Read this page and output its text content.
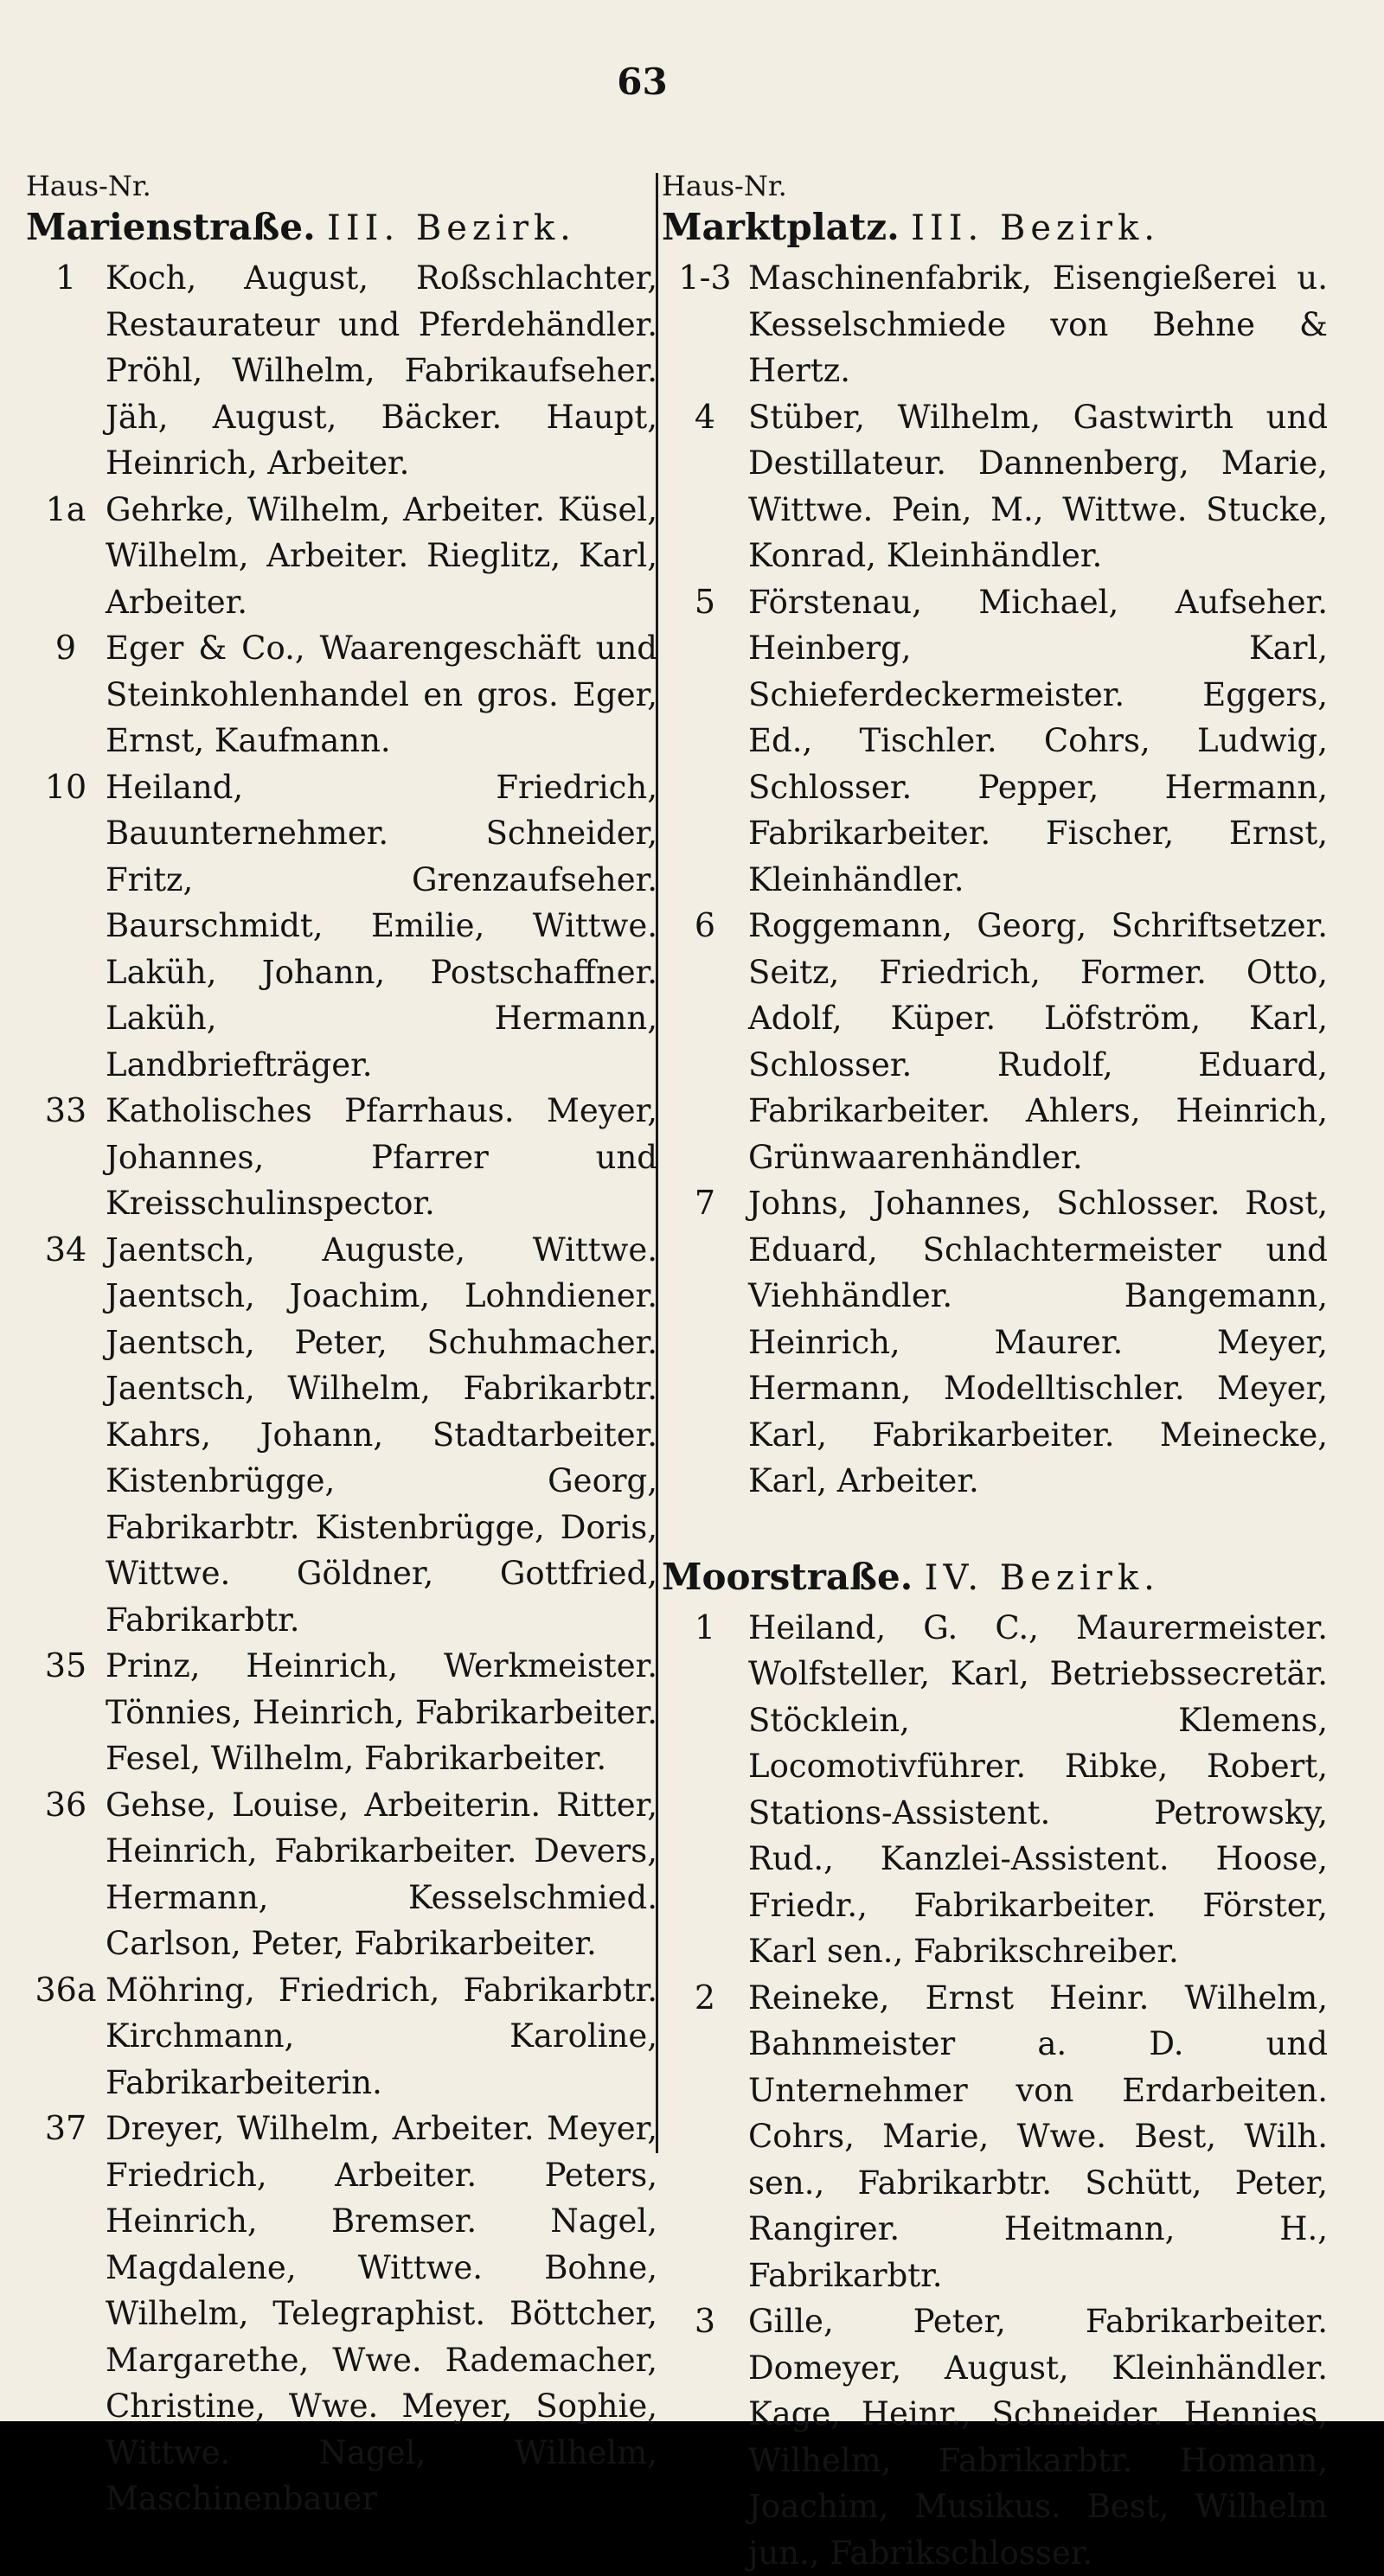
63
Haus-Nr.
Marienstraße. III. Bezirk.
1 Koch, August, Roßschlachter, Restaurateur und Pferdehändler. Pröhl, Wilhelm, Fabrikaufseher. Jäh, August, Bäcker. Haupt, Heinrich, Arbeiter.
1a Gehrke, Wilhelm, Arbeiter. Küsel, Wilhelm, Arbeiter. Rieglitz, Karl, Arbeiter.
9 Eger & Co., Waarengeschäft und Steinkohlenhandel en gros. Eger, Ernst, Kaufmann.
10 Heiland, Friedrich, Bauunternehmer. Schneider, Fritz, Grenzaufseher. Baurschmidt, Emilie, Wittwe. Laküh, Johann, Postschaffner. Laküh, Hermann, Landbriefträger.
33 Katholisches Pfarrhaus. Meyer, Johannes, Pfarrer und Kreisschulinspector.
34 Jaentsch, Auguste, Wittwe. Jaentsch, Joachim, Lohndiener. Jaentsch, Peter, Schuhmacher. Jaentsch, Wilhelm, Fabrikarbtr. Kahrs, Johann, Stadtarbeiter. Kistenbrügge, Georg, Fabrikarbtr. Kistenbrügge, Doris, Wittwe. Göldner, Gottfried, Fabrikarbtr.
35 Prinz, Heinrich, Werkmeister. Tönnies, Heinrich, Fabrikarbeiter. Fesel, Wilhelm, Fabrikarbeiter.
36 Gehse, Louise, Arbeiterin. Ritter, Heinrich, Fabrikarbeiter. Devers, Hermann, Kesselschmied. Carlson, Peter, Fabrikarbeiter.
36a Möhring, Friedrich, Fabrikarbtr. Kirchmann, Karoline, Fabrikarbeiterin.
37 Dreyer, Wilhelm, Arbeiter. Meyer, Friedrich, Arbeiter. Peters, Heinrich, Bremser. Nagel, Magdalene, Wittwe. Bohne, Wilhelm, Telegraphist. Böttcher, Margarethe, Wwe. Rademacher, Christine, Wwe. Meyer, Sophie, Wittwe. Nagel, Wilhelm, Maschinenbauer
Haus-Nr.
Marktplatz. III. Bezirk.
1-3 Maschinenfabrik, Eisengießerei u. Kesselschmiede von Behne & Hertz.
4	Stüber, Wilhelm, Gastwirth und Destillateur. Dannenberg, Marie, Wittwe. Pein, M., Wittwe. Stucke, Konrad, Kleinhändler.
5	Förstenau, Michael, Aufseher. Heinberg, Karl, Schieferdeckermeister. Eggers, Ed., Tischler. Cohrs, Ludwig, Schlosser. Pepper, Hermann, Fabrikarbeiter. Fischer, Ernst, Kleinhändler.
6	Roggemann, Georg, Schriftsetzer. Seitz, Friedrich, Former. Otto, Adolf, Küper. Löfström, Karl, Schlosser. Rudolf, Eduard, Fabrikarbeiter. Ahlers, Heinrich, Grünwaarenhändler.
7	Johns, Johannes, Schlosser. Rost, Eduard, Schlachtermeister und Viehhändler. Bangemann, Heinrich, Maurer. Meyer, Hermann, Modelltischler. Meyer, Karl, Fabrikarbeiter. Meinecke, Karl, Arbeiter.
Moorstraße. IV. Bezirk.
1	Heiland, G. C., Maurermeister. Wolfsteller, Karl, Betriebssecretär. Stöcklein, Klemens, Locomotivführer. Ribke, Robert, Stations-Assistent. Petrowsky, Rud., Kanzlei-Assistent. Hoose, Friedr., Fabrikarbeiter. Förster, Karl sen., Fabrikschreiber.
2	Reineke, Ernst Heinr. Wilhelm, Bahnmeister a. D. und Unternehmer von Erdarbeiten. Cohrs, Marie, Wwe. Best, Wilh. sen., Fabrikarbtr. Schütt, Peter, Rangirer. Heitmann, H., Fabrikarbtr.
3	Gille, Peter, Fabrikarbeiter. Domeyer, August, Kleinhändler. Kage, Heinr., Schneider. Hennies, Wilhelm, Fabrikarbtr. Homann, Joachim, Musikus. Best, Wilhelm jun., Fabrikschlosser.
